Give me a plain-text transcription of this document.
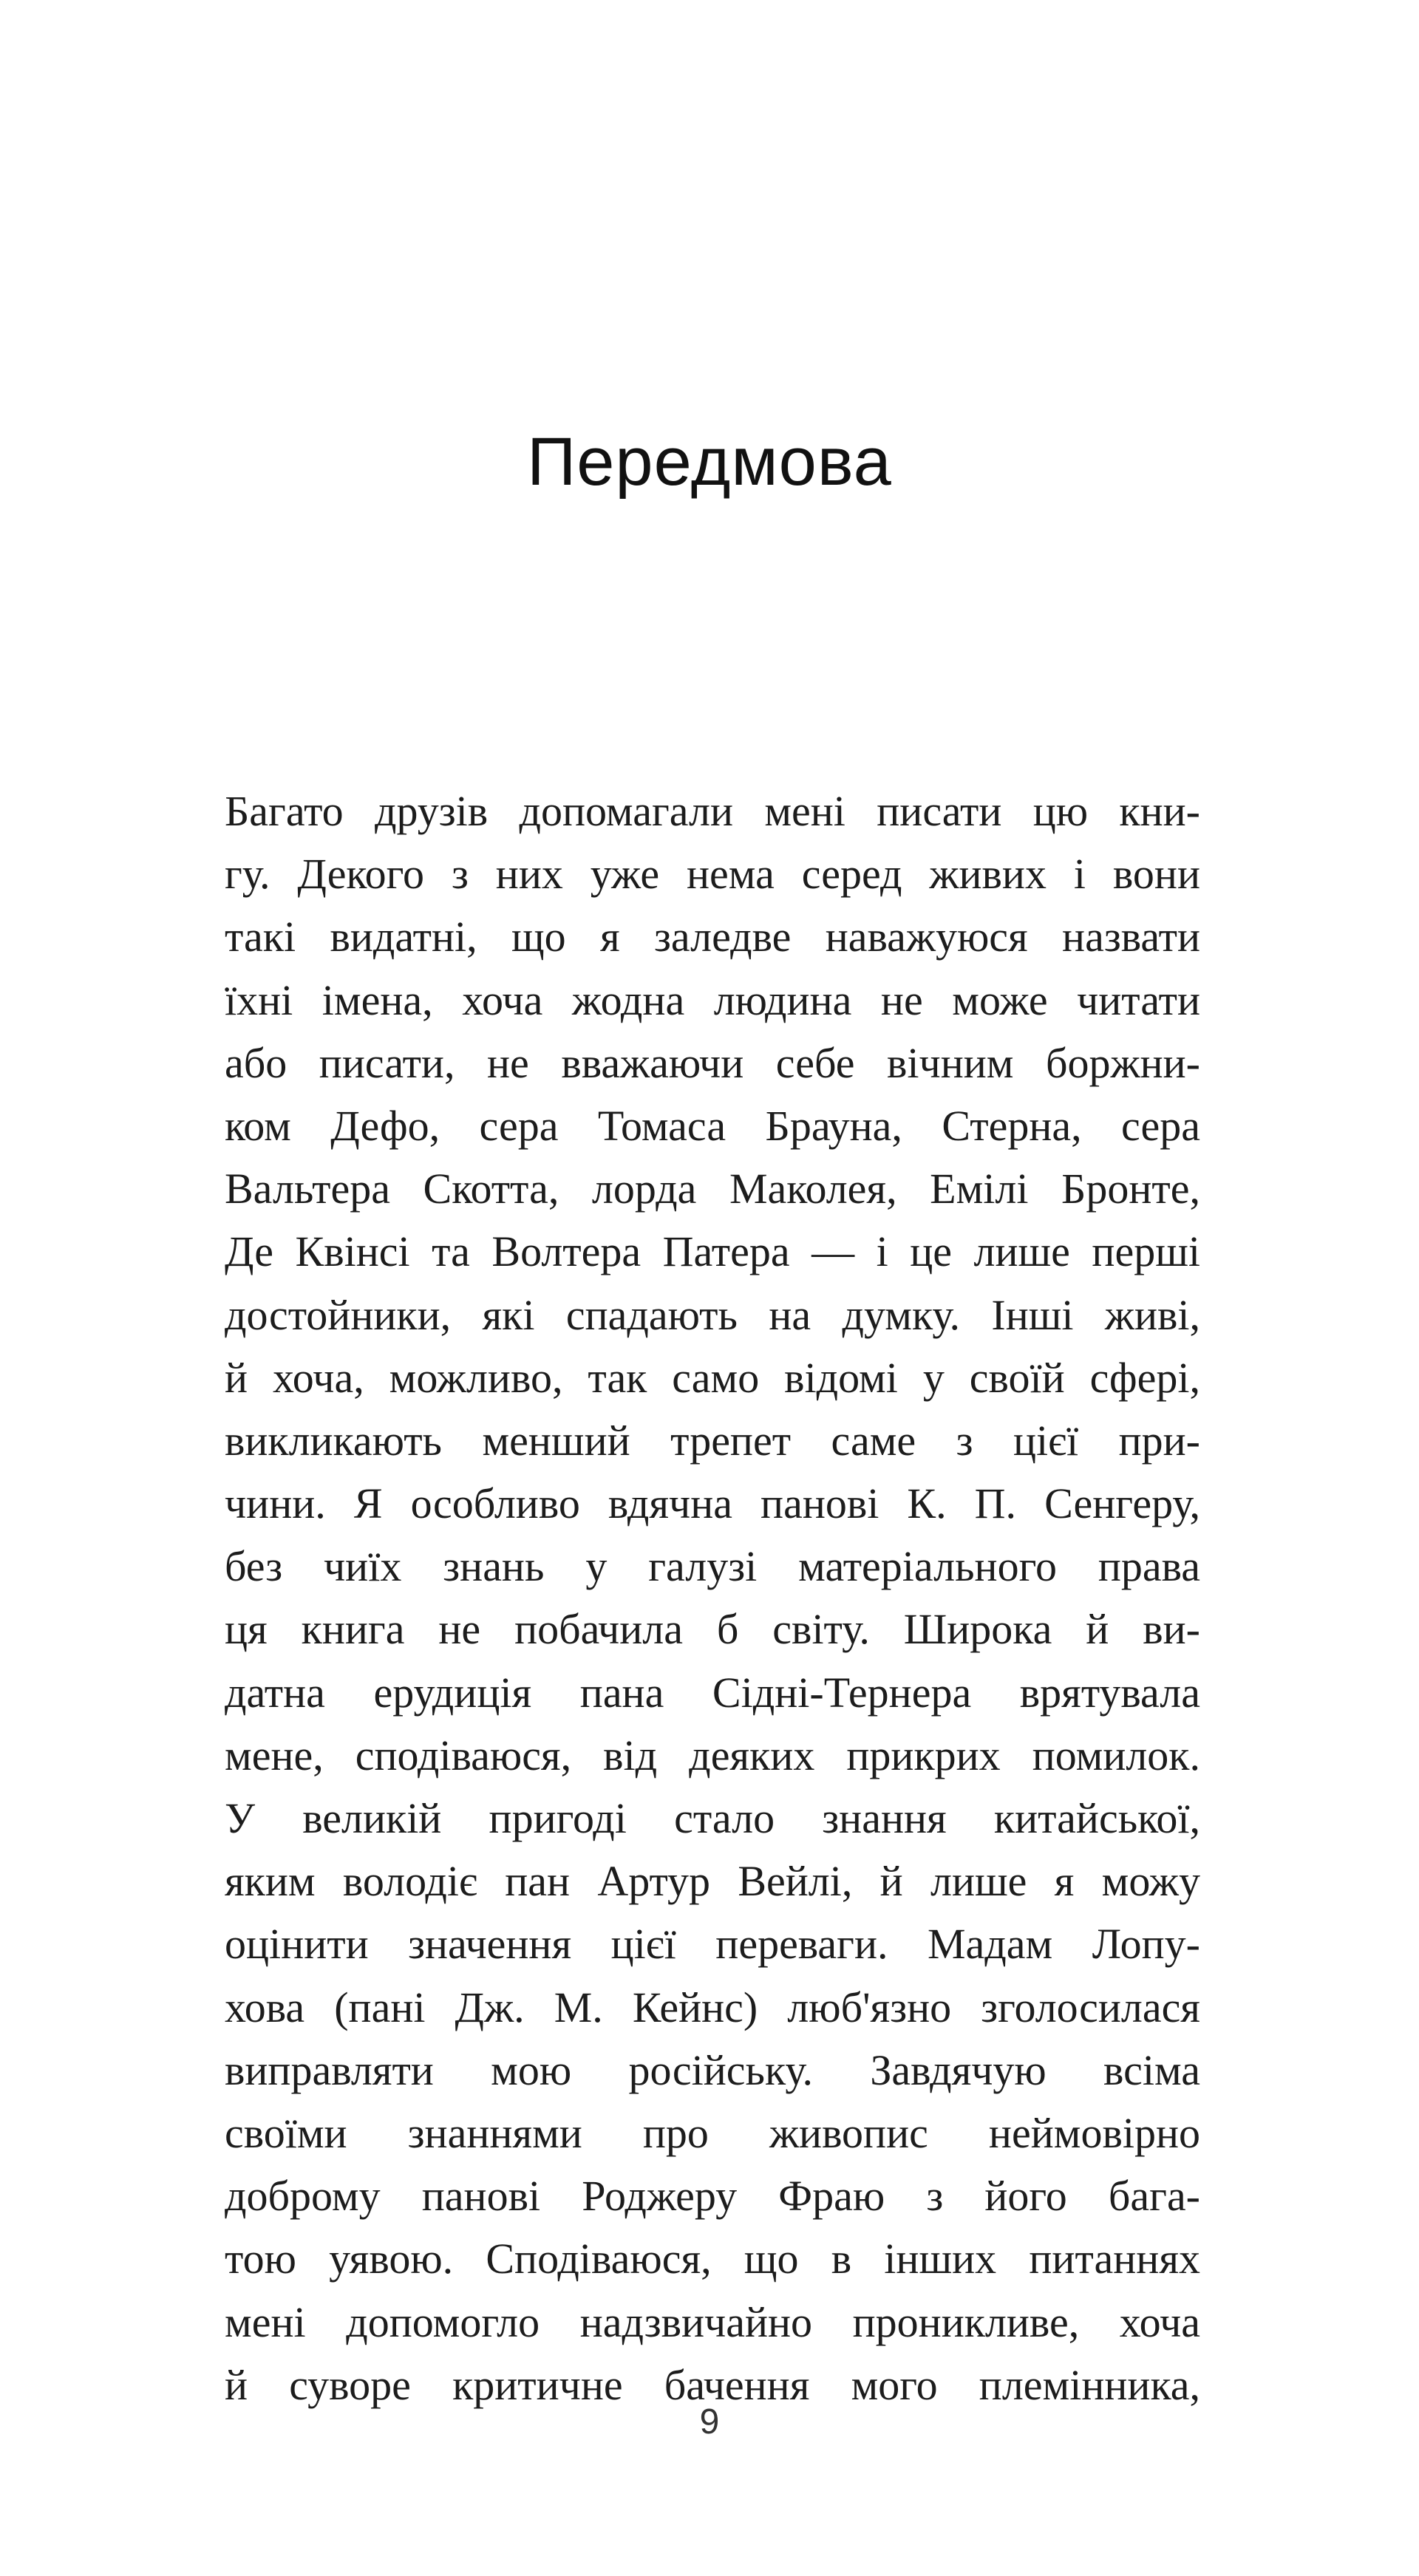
Передмова
Багато друзів допомагали мені писати цю кни-
гу. Декого з них уже нема серед живих і вони
такі видатні, що я заледве наважуюся назвати
їхні імена, хоча жодна людина не може читати
або писати, не вважаючи себе вічним боржни-
ком Дефо, сера Томаса Брауна, Стерна, сера
Вальтера Скотта, лорда Маколея, Емілі Бронте,
Де Квінсі та Волтера Патера — і це лише перші
достойники, які спадають на думку. Інші живі,
й хоча, можливо, так само відомі у своїй сфері,
викликають менший трепет саме з цієї при-
чини. Я особливо вдячна панові К. П. Сенгеру,
без чиїх знань у галузі матеріального права
ця книга не побачила б світу. Широка й ви-
датна ерудиція пана Сідні-Тернера врятувала
мене, сподіваюся, від деяких прикрих помилок.
У великій пригоді стало знання китайської,
яким володіє пан Артур Вейлі, й лише я можу
оцінити значення цієї переваги. Мадам Лопу-
хова (пані Дж. М. Кейнс) люб'язно зголосилася
виправляти мою російську. Завдячую всіма
своїми знаннями про живопис неймовірно
доброму панові Роджеру Фраю з його бага-
тою уявою. Сподіваюся, що в інших питаннях
мені допомогло надзвичайно проникливе, хоча
й суворе критичне бачення мого племінника,
9
